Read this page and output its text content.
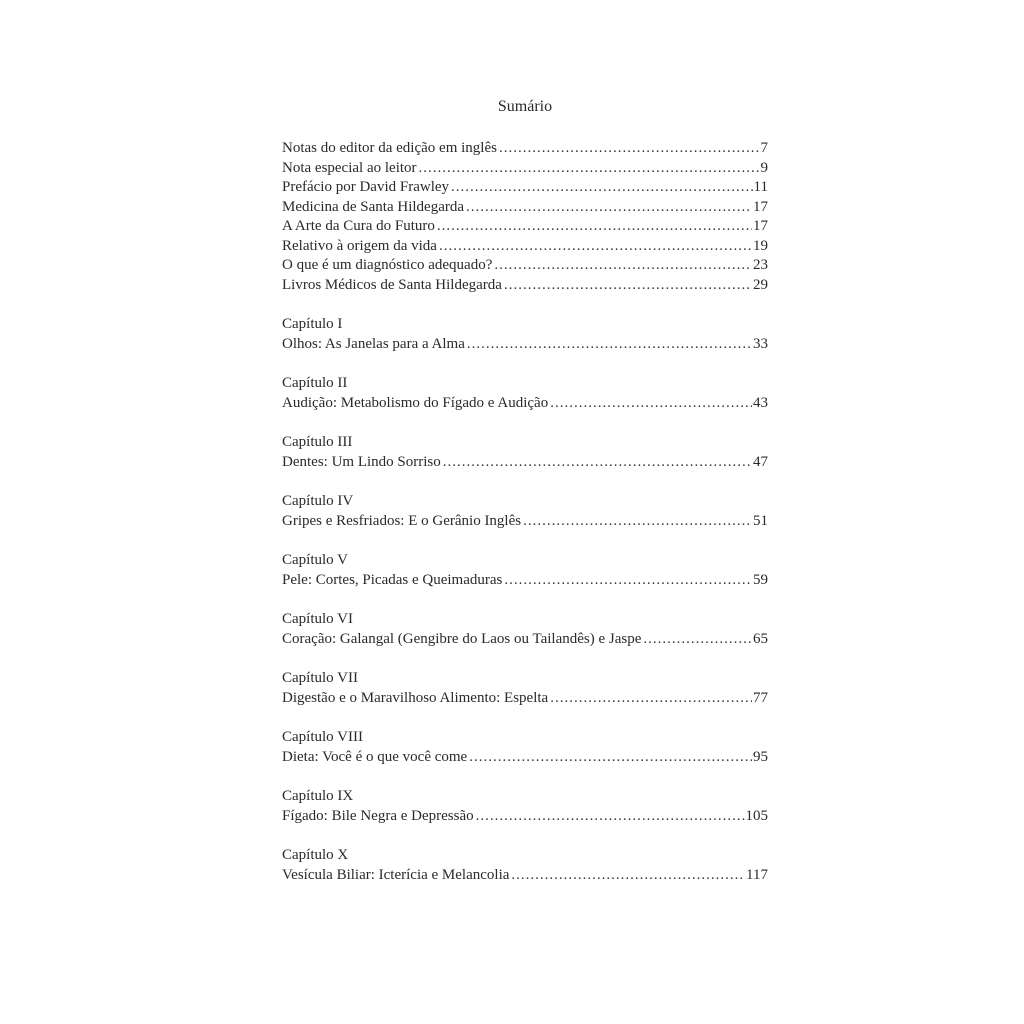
Sumário
Notas do editor da edição em inglês .....	7
Nota especial ao leitor .....	9
Prefácio por David Frawley .....	11
Medicina de Santa Hildegarda .....	17
A Arte da Cura do Futuro .....	17
Relativo à origem da vida .....	19
O que é um diagnóstico adequado? .....	23
Livros Médicos de Santa Hildegarda .....	29
Capítulo I
Olhos: As Janelas para a Alma .....	33
Capítulo II
Audição: Metabolismo do Fígado e Audição .....	43
Capítulo III
Dentes: Um Lindo Sorriso .....	47
Capítulo IV
Gripes e Resfriados: E o Gerânio Inglês .....	51
Capítulo V
Pele: Cortes, Picadas e Queimaduras .....	59
Capítulo VI
Coração: Galangal (Gengibre do Laos ou Tailandês) e Jaspe .....	65
Capítulo VII
Digestão e o Maravilhoso Alimento: Espelta .....	77
Capítulo VIII
Dieta: Você é o que você come .....	95
Capítulo IX
Fígado: Bile Negra e Depressão .....	105
Capítulo X
Vesícula Biliar: Icterícia e Melancolia .....	117
